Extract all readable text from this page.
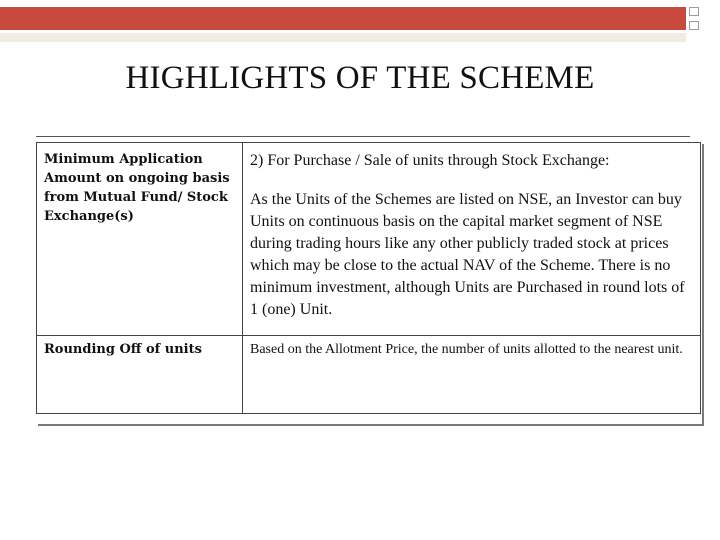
HIGHLIGHTS OF THE SCHEME
Minimum Application Amount on ongoing basis from Mutual Fund/ Stock Exchange(s)	2) For Purchase / Sale of units through Stock Exchange:

As the Units of the Schemes are listed on NSE, an Investor can buy Units on continuous basis on the capital market segment of NSE during trading hours like any other publicly traded stock at prices which may be close to the actual NAV of the Scheme. There is no minimum investment, although Units are Purchased in round lots of 1 (one) Unit.

Rounding Off of units	Based on the Allotment Price, the number of units allotted to the nearest unit.
